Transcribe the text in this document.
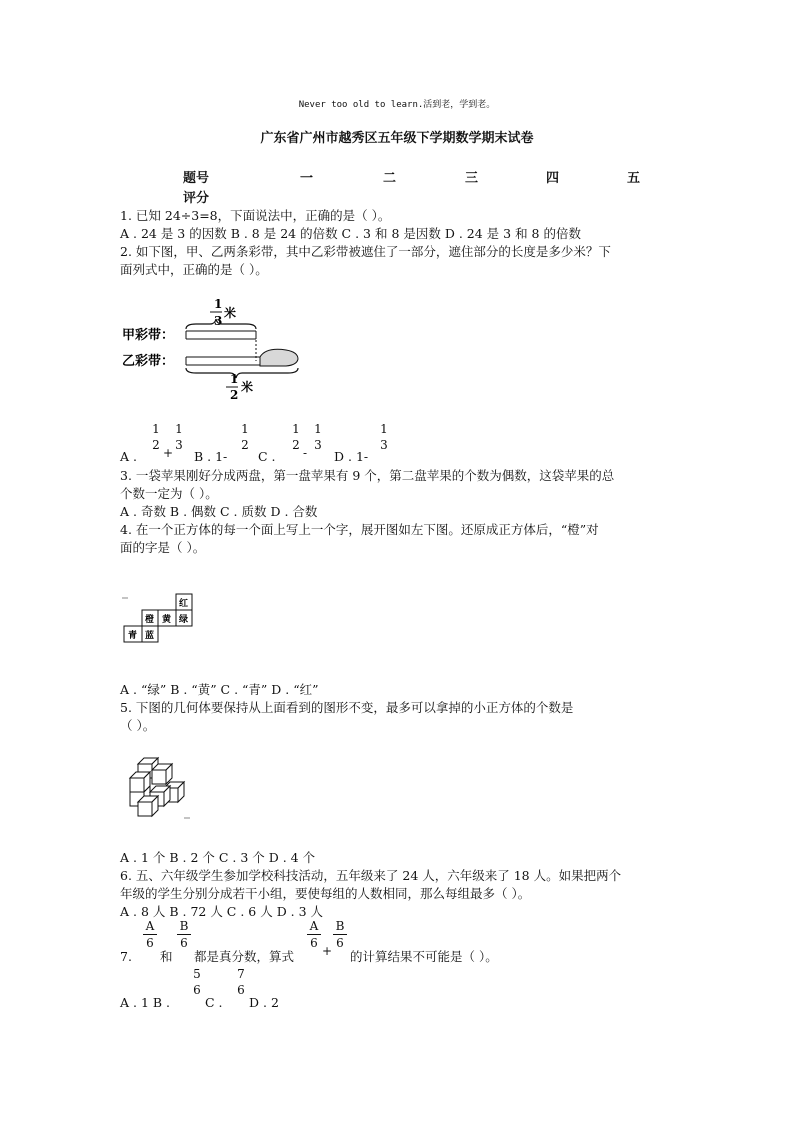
Never too old to learn.活到老，学到老。
广东省广州市越秀区五年级下学期数学期末试卷
题号	一	二	三	四	五
评分
1. 已知 24÷3=8，下面说法中，正确的是（ ）。
A . 24 是 3 的因数 B . 8 是 24 的倍数 C . 3 和 8 是因数 D . 24 是 3 和 8 的倍数
2. 如下图，甲、乙两条彩带，其中乙彩带被遮住了一部分，遮住部分的长度是多少米？下
面列式中，正确的是（ ）。
1
3
米
甲彩带：
乙彩带：
1
2
米
A .
1
2
+
1
3
B . 1-
1
2
C .
1
2
-
1
3
D . 1-
1
3
3. 一袋苹果刚好分成两盘，第一盘苹果有 9 个，第二盘苹果的个数为偶数，这袋苹果的总
个数一定为（ ）。
A . 奇数 B . 偶数 C . 质数 D . 合数
4. 在一个正方体的每一个面上写上一个字，展开图如左下图。还原成正方体后，“橙”对
面的字是（ ）。
红
橙 黄 绿
青 蓝
A . “绿” B . “黄” C . “青” D . “红”
5. 下图的几何体要保持从上面看到的图形不变，最多可以拿掉的小正方体的个数是
（ ）。
A . 1 个 B . 2 个 C . 3 个 D . 4 个
6. 五、六年级学生参加学校科技活动，五年级来了 24 人，六年级来了 18 人。如果把两个
年级的学生分别分成若干小组，要使每组的人数相同，那么每组最多（ ）。
A . 8 人 B . 72 人 C . 6 人 D . 3 人
7.
$\frac{A}{6}$
和
$\frac{B}{6}$
都是真分数，算式
$\frac{A}{6}$
+
$\frac{B}{6}$
的计算结果不可能是（ ）。
A . 1 B .
5
6
C .
7
6
D . 2
